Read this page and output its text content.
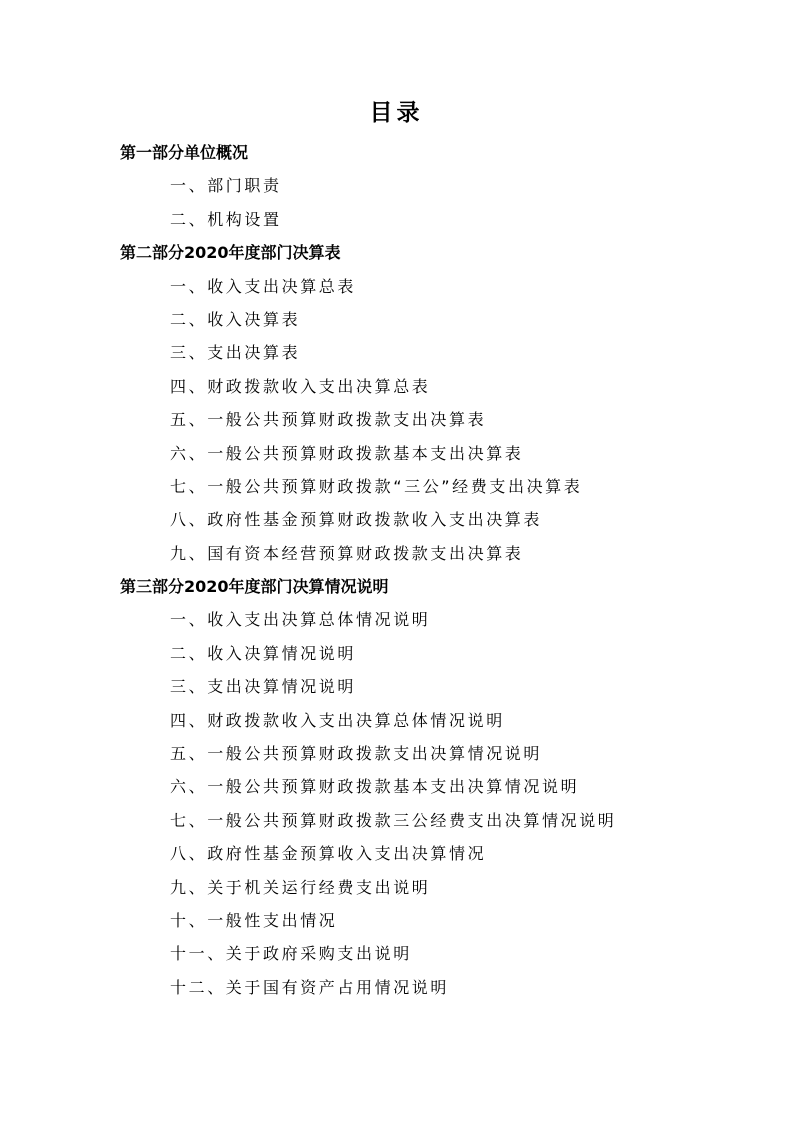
目录
第一部分单位概况
一、部门职责
二、机构设置
第二部分2020年度部门决算表
一、收入支出决算总表
二、收入决算表
三、支出决算表
四、财政拨款收入支出决算总表
五、一般公共预算财政拨款支出决算表
六、一般公共预算财政拨款基本支出决算表
七、一般公共预算财政拨款“三公”经费支出决算表
八、政府性基金预算财政拨款收入支出决算表
九、国有资本经营预算财政拨款支出决算表
第三部分2020年度部门决算情况说明
一、收入支出决算总体情况说明
二、收入决算情况说明
三、支出决算情况说明
四、财政拨款收入支出决算总体情况说明
五、一般公共预算财政拨款支出决算情况说明
六、一般公共预算财政拨款基本支出决算情况说明
七、一般公共预算财政拨款三公经费支出决算情况说明
八、政府性基金预算收入支出决算情况
九、关于机关运行经费支出说明
十、一般性支出情况
十一、关于政府采购支出说明
十二、关于国有资产占用情况说明
